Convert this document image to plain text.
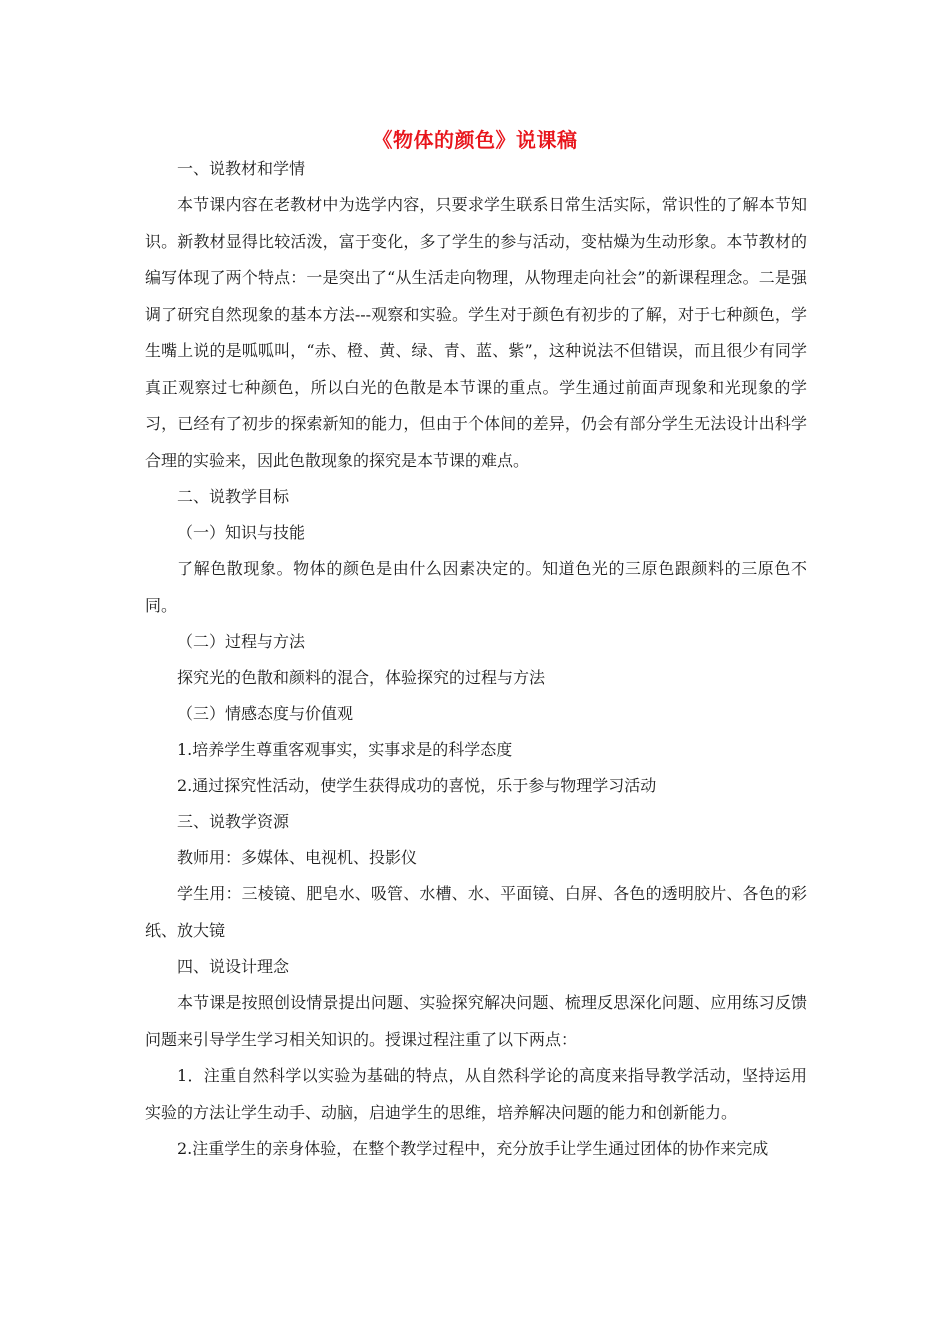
《物体的颜色》说课稿

一、说教材和学情

本节课内容在老教材中为选学内容，只要求学生联系日常生活实际，常识性的了解本节知识。新教材显得比较活泼，富于变化，多了学生的参与活动，变枯燥为生动形象。本节教材的编写体现了两个特点：一是突出了“从生活走向物理，从物理走向社会”的新课程理念。二是强调了研究自然现象的基本方法---观察和实验。学生对于颜色有初步的了解，对于七种颜色，学生嘴上说的是呱呱叫，“赤、橙、黄、绿、青、蓝、紫”，这种说法不但错误，而且很少有同学真正观察过七种颜色，所以白光的色散是本节课的重点。学生通过前面声现象和光现象的学习，已经有了初步的探索新知的能力，但由于个体间的差异，仍会有部分学生无法设计出科学合理的实验来，因此色散现象的探究是本节课的难点。

二、说教学目标

（一）知识与技能

了解色散现象。物体的颜色是由什么因素决定的。知道色光的三原色跟颜料的三原色不同。

（二）过程与方法

探究光的色散和颜料的混合，体验探究的过程与方法

（三）情感态度与价值观

1.培养学生尊重客观事实，实事求是的科学态度

2.通过探究性活动，使学生获得成功的喜悦，乐于参与物理学习活动

三、说教学资源

教师用：多媒体、电视机、投影仪

学生用：三棱镜、肥皂水、吸管、水槽、水、平面镜、白屏、各色的透明胶片、各色的彩纸、放大镜

四、说设计理念

本节课是按照创设情景提出问题、实验探究解决问题、梳理反思深化问题、应用练习反馈问题来引导学生学习相关知识的。授课过程注重了以下两点：

1．注重自然科学以实验为基础的特点，从自然科学论的高度来指导教学活动，坚持运用实验的方法让学生动手、动脑，启迪学生的思维，培养解决问题的能力和创新能力。

2.注重学生的亲身体验，在整个教学过程中，充分放手让学生通过团体的协作来完成
